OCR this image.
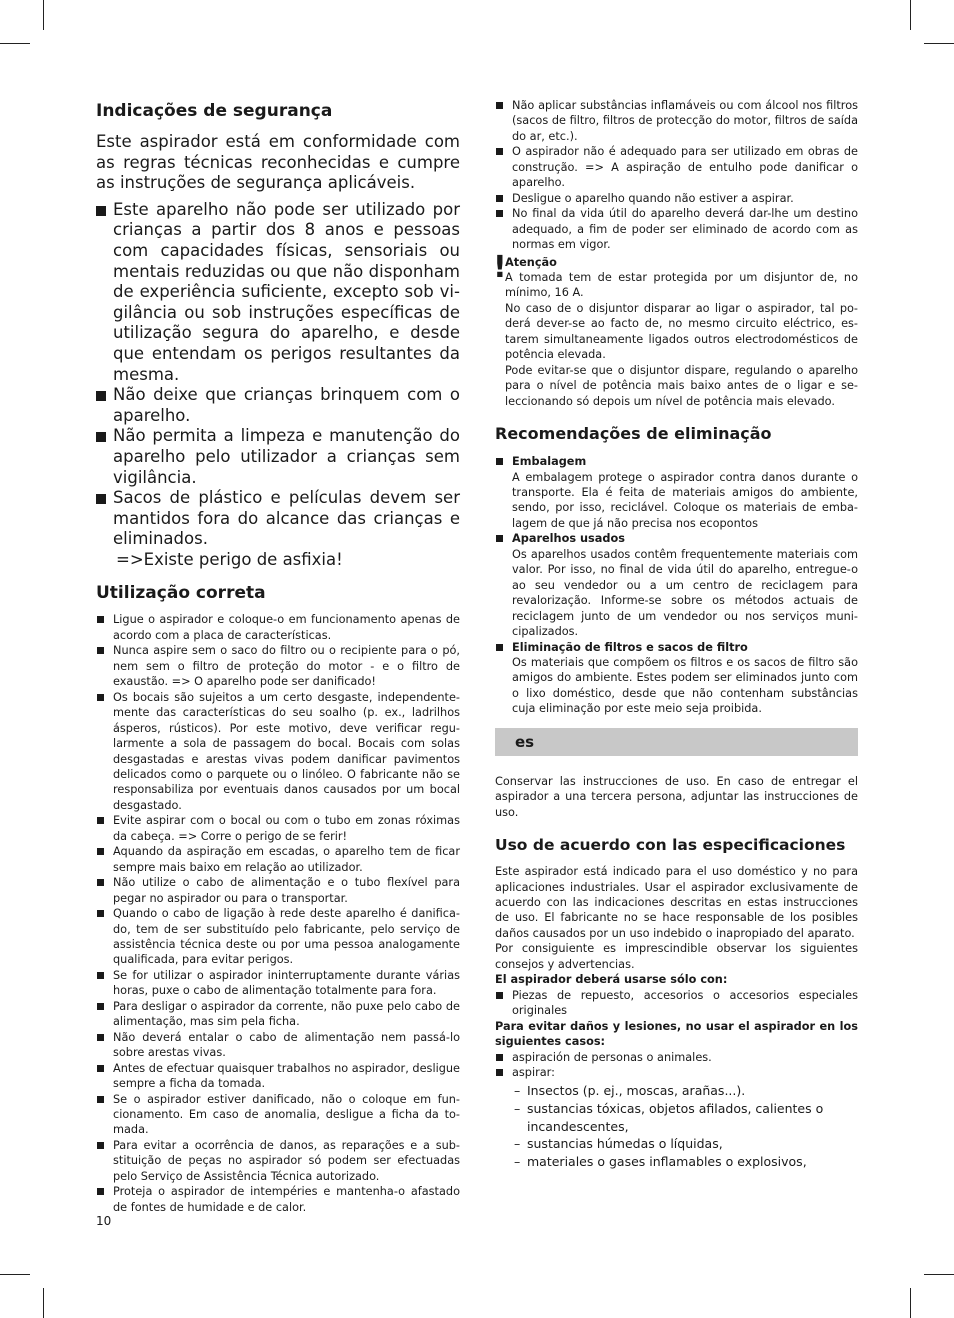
Indicações de segurança

Este aspirador está em conformidade com as regras técnicas reconhecidas e cumpre as instruções de segurança aplicáveis.

Este aparelho não pode ser utilizado por crianças a partir dos 8 anos e pessoas com capacidades físicas, sensoriais ou mentais reduzidas ou que não disponham de experiência suficiente, excepto sob vigilância ou sob instruções específicas de utilização segura do aparelho, e desde que entendam os perigos resultantes da mesma.
Não deixe que crianças brinquem com o aparelho.
Não permita a limpeza e manutenção do aparelho pelo utilizador a crianças sem vigilância.
Sacos de plástico e películas devem ser mantidos fora do alcance das crianças e eliminados.

=>Existe perigo de asfixia!

Utilização correta
Ligue o aspirador e coloque-o em funcionamento apenas de acordo com a placa de características.
Nunca aspire sem o saco do filtro ou o recipiente para o pó, nem sem o filtro de proteção do motor - e o filtro de exaustão. => O aparelho pode ser danificado!
Os bocais são sujeitos a um certo desgaste, independentemente das características do seu soalho (p. ex., ladrilhos ásperos, rústicos). Por este motivo, deve verificar regularmente a sola de passagem do bocal. Bocais com solas desgastadas e arestas vivas podem danificar pavimentos delicados como o parquete ou o linóleo. O fabricante não se responsabiliza por eventuais danos causados por um bocal desgastado.
Evite aspirar com o bocal ou com o tubo em zonas róximas da cabeça. => Corre o perigo de se ferir!
Aquando da aspiração em escadas, o aparelho tem de ficar sempre mais baixo em relação ao utilizador.
Não utilize o cabo de alimentação e o tubo flexível para pegar no aspirador ou para o transportar.
Quando o cabo de ligação à rede deste aparelho é danificado, tem de ser substituído pelo fabricante, pelo serviço de assistência técnica deste ou por uma pessoa analogamente qualificada, para evitar perigos.
Se for utilizar o aspirador ininterruptamente durante várias horas, puxe o cabo de alimentação totalmente para fora.
Para desligar o aspirador da corrente, não puxe pelo cabo de alimentação, mas sim pela ficha.
Não deverá entalar o cabo de alimentação nem passá-lo sobre arestas vivas.
Antes de efectuar quaisquer trabalhos no aspirador, desligue sempre a ficha da tomada.
Se o aspirador estiver danificado, não o coloque em funcionamento. Em caso de anomalia, desligue a ficha da tomada.
Para evitar a ocorrência de danos, as reparações e a substituição de peças no aspirador só podem ser efectuadas pelo Serviço de Assistência Técnica autorizado.
Proteja o aspirador de intempéries e mantenha-o afastado de fontes de humidade e de calor.
Não aplicar substâncias inflamáveis ou com álcool nos filtros (sacos de filtro, filtros de protecção do motor, filtros de saída do ar, etc.).
O aspirador não é adequado para ser utilizado em obras de construção. => A aspiração de entulho pode danificar o aparelho.
Desligue o aparelho quando não estiver a aspirar.
No final da vida útil do aparelho deverá dar-lhe um destino adequado, a fim de poder ser eliminado de acordo com as normas em vigor.
!

Atenção

A tomada tem de estar protegida por um disjuntor de, no mínimo, 16 A.

No caso de o disjuntor disparar ao ligar o aspirador, tal poderá dever-se ao facto de, no mesmo circuito eléctrico, estarem simultaneamente ligados outros electrodomésticos de potência elevada.

Pode evitar-se que o disjuntor dispare, regulando o aparelho para o nível de potência mais baixo antes de o ligar e seleccionando só depois um nível de potência mais elevado.

Recomendações de eliminação
Embalagem
A embalagem protege o aspirador contra danos durante o transporte. Ela é feita de materiais amigos do ambiente, sendo, por isso, reciclável. Coloque os materiais de embalagem de que já não precisa nos ecopontos
Aparelhos usados
Os aparelhos usados contêm frequentemente materiais com valor. Por isso, no final de vida útil do aparelho, entregue-o ao seu vendedor ou a um centro de reciclagem para revalorização. Informe-se sobre os métodos actuais de reciclagem junto de um vendedor ou nos serviços municipalizados.
Eliminação de filtros e sacos de filtro
Os materiais que compõem os filtros e os sacos de filtro são amigos do ambiente. Estes podem ser eliminados junto com o lixo doméstico, desde que não contenham substâncias cuja eliminação por este meio seja proibida.
es

Conservar las instrucciones de uso. En caso de entregar el aspirador a una tercera persona, adjuntar las instrucciones de uso.

Uso de acuerdo con las especificaciones

Este aspirador está indicado para el uso doméstico y no para aplicaciones industriales. Usar el aspirador exclusivamente de acuerdo con las indicaciones descritas en estas instrucciones de uso. El fabricante no se hace responsable de los posibles daños causados por un uso indebido o inapropiado del aparato.

Por consiguiente es imprescindible observar los siguientes consejos y advertencias.

El aspirador deberá usarse sólo con:

Piezas de repuesto, accesorios o accesorios especiales originales

Para evitar daños y lesiones, no usar el aspirador en los siguientes casos:

aspiración de personas o animales.
aspirar:
– Insectos (p. ej., moscas, arañas...).
– sustancias tóxicas, objetos afilados, calientes o incandescentes,
– sustancias húmedas o líquidas,
– materiales o gases inflamables o explosivos,
10
